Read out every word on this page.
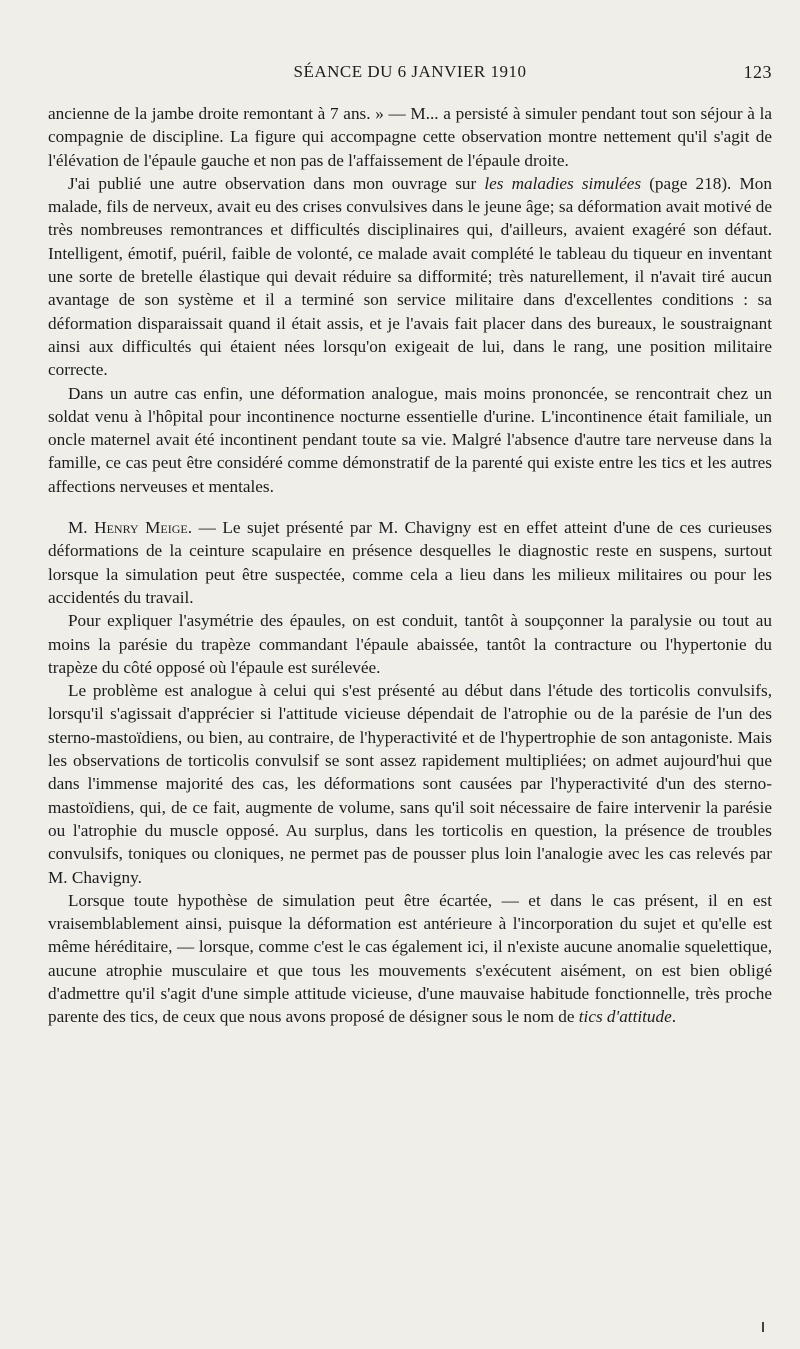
SÉANCE DU 6 JANVIER 1910	123

ancienne de la jambe droite remontant à 7 ans. » — M... a persisté à simuler pendant tout son séjour à la compagnie de discipline. La figure qui accompagne cette observation montre nettement qu'il s'agit de l'élévation de l'épaule gauche et non pas de l'affaissement de l'épaule droite.

J'ai publié une autre observation dans mon ouvrage sur les maladies simulées (page 218). Mon malade, fils de nerveux, avait eu des crises convulsives dans le jeune âge; sa déformation avait motivé de très nombreuses remontrances et difficultés disciplinaires qui, d'ailleurs, avaient exagéré son défaut. Intelligent, émotif, puéril, faible de volonté, ce malade avait complété le tableau du tiqueur en inventant une sorte de bretelle élastique qui devait réduire sa difformité; très naturellement, il n'avait tiré aucun avantage de son système et il a terminé son service militaire dans d'excellentes conditions : sa déformation disparaissait quand il était assis, et je l'avais fait placer dans des bureaux, le soustraignant ainsi aux difficultés qui étaient nées lorsqu'on exigeait de lui, dans le rang, une position militaire correcte.

Dans un autre cas enfin, une déformation analogue, mais moins prononcée, se rencontrait chez un soldat venu à l'hôpital pour incontinence nocturne essentielle d'urine. L'incontinence était familiale, un oncle maternel avait été incontinent pendant toute sa vie. Malgré l'absence d'autre tare nerveuse dans la famille, ce cas peut être considéré comme démonstratif de la parenté qui existe entre les tics et les autres affections nerveuses et mentales.

M. Henry Meige. — Le sujet présenté par M. Chavigny est en effet atteint d'une de ces curieuses déformations de la ceinture scapulaire en présence desquelles le diagnostic reste en suspens, surtout lorsque la simulation peut être suspectée, comme cela a lieu dans les milieux militaires ou pour les accidentés du travail.

Pour expliquer l'asymétrie des épaules, on est conduit, tantôt à soupçonner la paralysie ou tout au moins la parésie du trapèze commandant l'épaule abaissée, tantôt la contracture ou l'hypertonie du trapèze du côté opposé où l'épaule est surélevée.

Le problème est analogue à celui qui s'est présenté au début dans l'étude des torticolis convulsifs, lorsqu'il s'agissait d'apprécier si l'attitude vicieuse dépendait de l'atrophie ou de la parésie de l'un des sterno-mastoïdiens, ou bien, au contraire, de l'hyperactivité et de l'hypertrophie de son antagoniste. Mais les observations de torticolis convulsif se sont assez rapidement multipliées; on admet aujourd'hui que dans l'immense majorité des cas, les déformations sont causées par l'hyperactivité d'un des sterno-mastoïdiens, qui, de ce fait, augmente de volume, sans qu'il soit nécessaire de faire intervenir la parésie ou l'atrophie du muscle opposé. Au surplus, dans les torticolis en question, la présence de troubles convulsifs, toniques ou cloniques, ne permet pas de pousser plus loin l'analogie avec les cas relevés par M. Chavigny.

Lorsque toute hypothèse de simulation peut être écartée, — et dans le cas présent, il en est vraisemblablement ainsi, puisque la déformation est antérieure à l'incorporation du sujet et qu'elle est même héréditaire, — lorsque, comme c'est le cas également ici, il n'existe aucune anomalie squelettique, aucune atrophie musculaire et que tous les mouvements s'exécutent aisément, on est bien obligé d'admettre qu'il s'agit d'une simple attitude vicieuse, d'une mauvaise habitude fonctionnelle, très proche parente des tics, de ceux que nous avons proposé de désigner sous le nom de tics d'attitude.
